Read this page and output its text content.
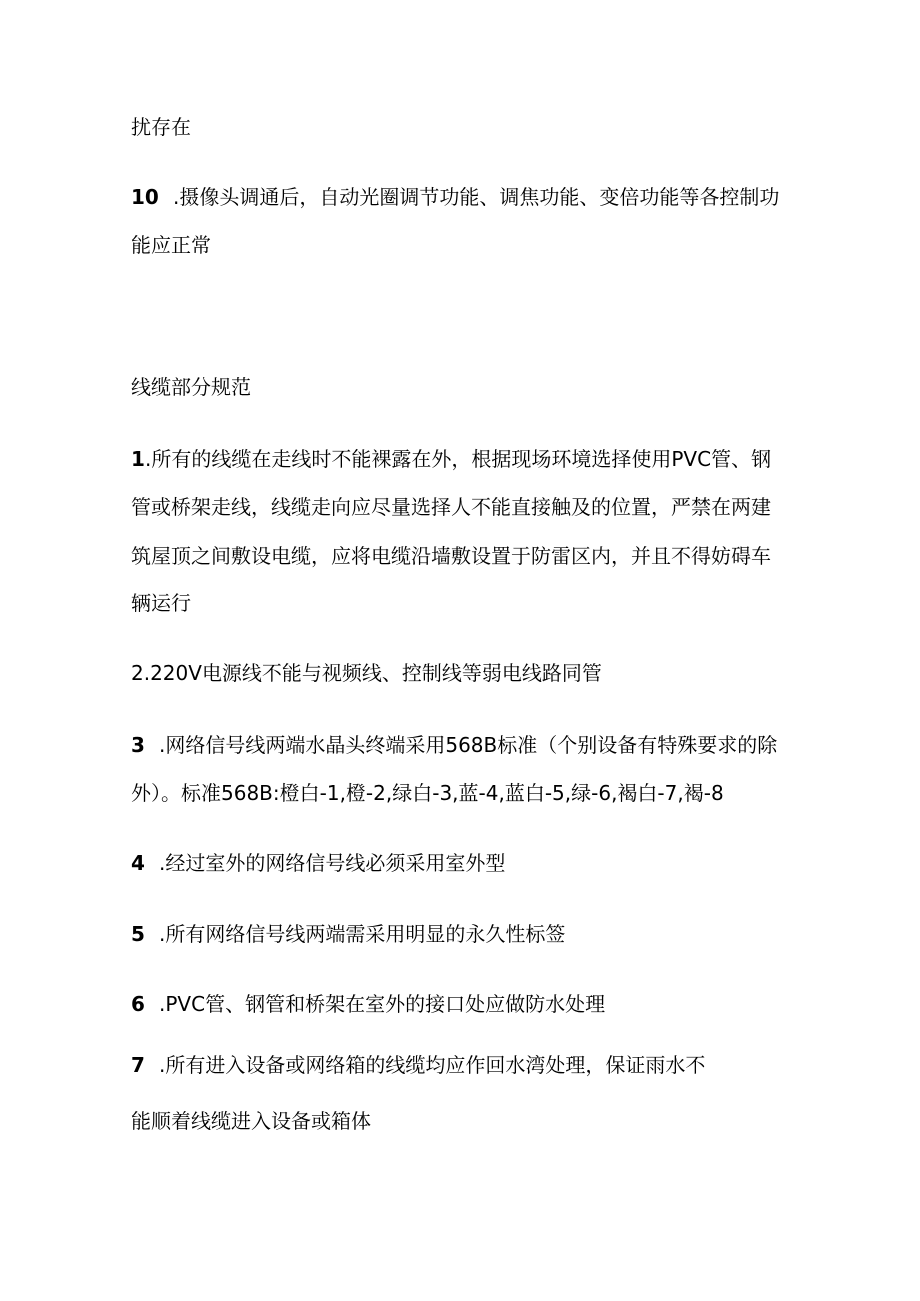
扰存在
10 .摄像头调通后，自动光圈调节功能、调焦功能、变倍功能等各控制功
能应正常
线缆部分规范
1.所有的线缆在走线时不能裸露在外，根据现场环境选择使用PVC管、钢
管或桥架走线，线缆走向应尽量选择人不能直接触及的位置，严禁在两建
筑屋顶之间敷设电缆，应将电缆沿墙敷设置于防雷区内，并且不得妨碍车
辆运行
2.220V电源线不能与视频线、控制线等弱电线路同管
3 .网络信号线两端水晶头终端采用568B标准（个别设备有特殊要求的除
外）。标准568B:橙白-1,橙-2,绿白-3,蓝-4,蓝白-5,绿-6,褐白-7,褐-8
4 .经过室外的网络信号线必须采用室外型
5 .所有网络信号线两端需采用明显的永久性标签
6 .PVC管、钢管和桥架在室外的接口处应做防水处理
7 .所有进入设备或网络箱的线缆均应作回水湾处理，保证雨水不
能顺着线缆进入设备或箱体
